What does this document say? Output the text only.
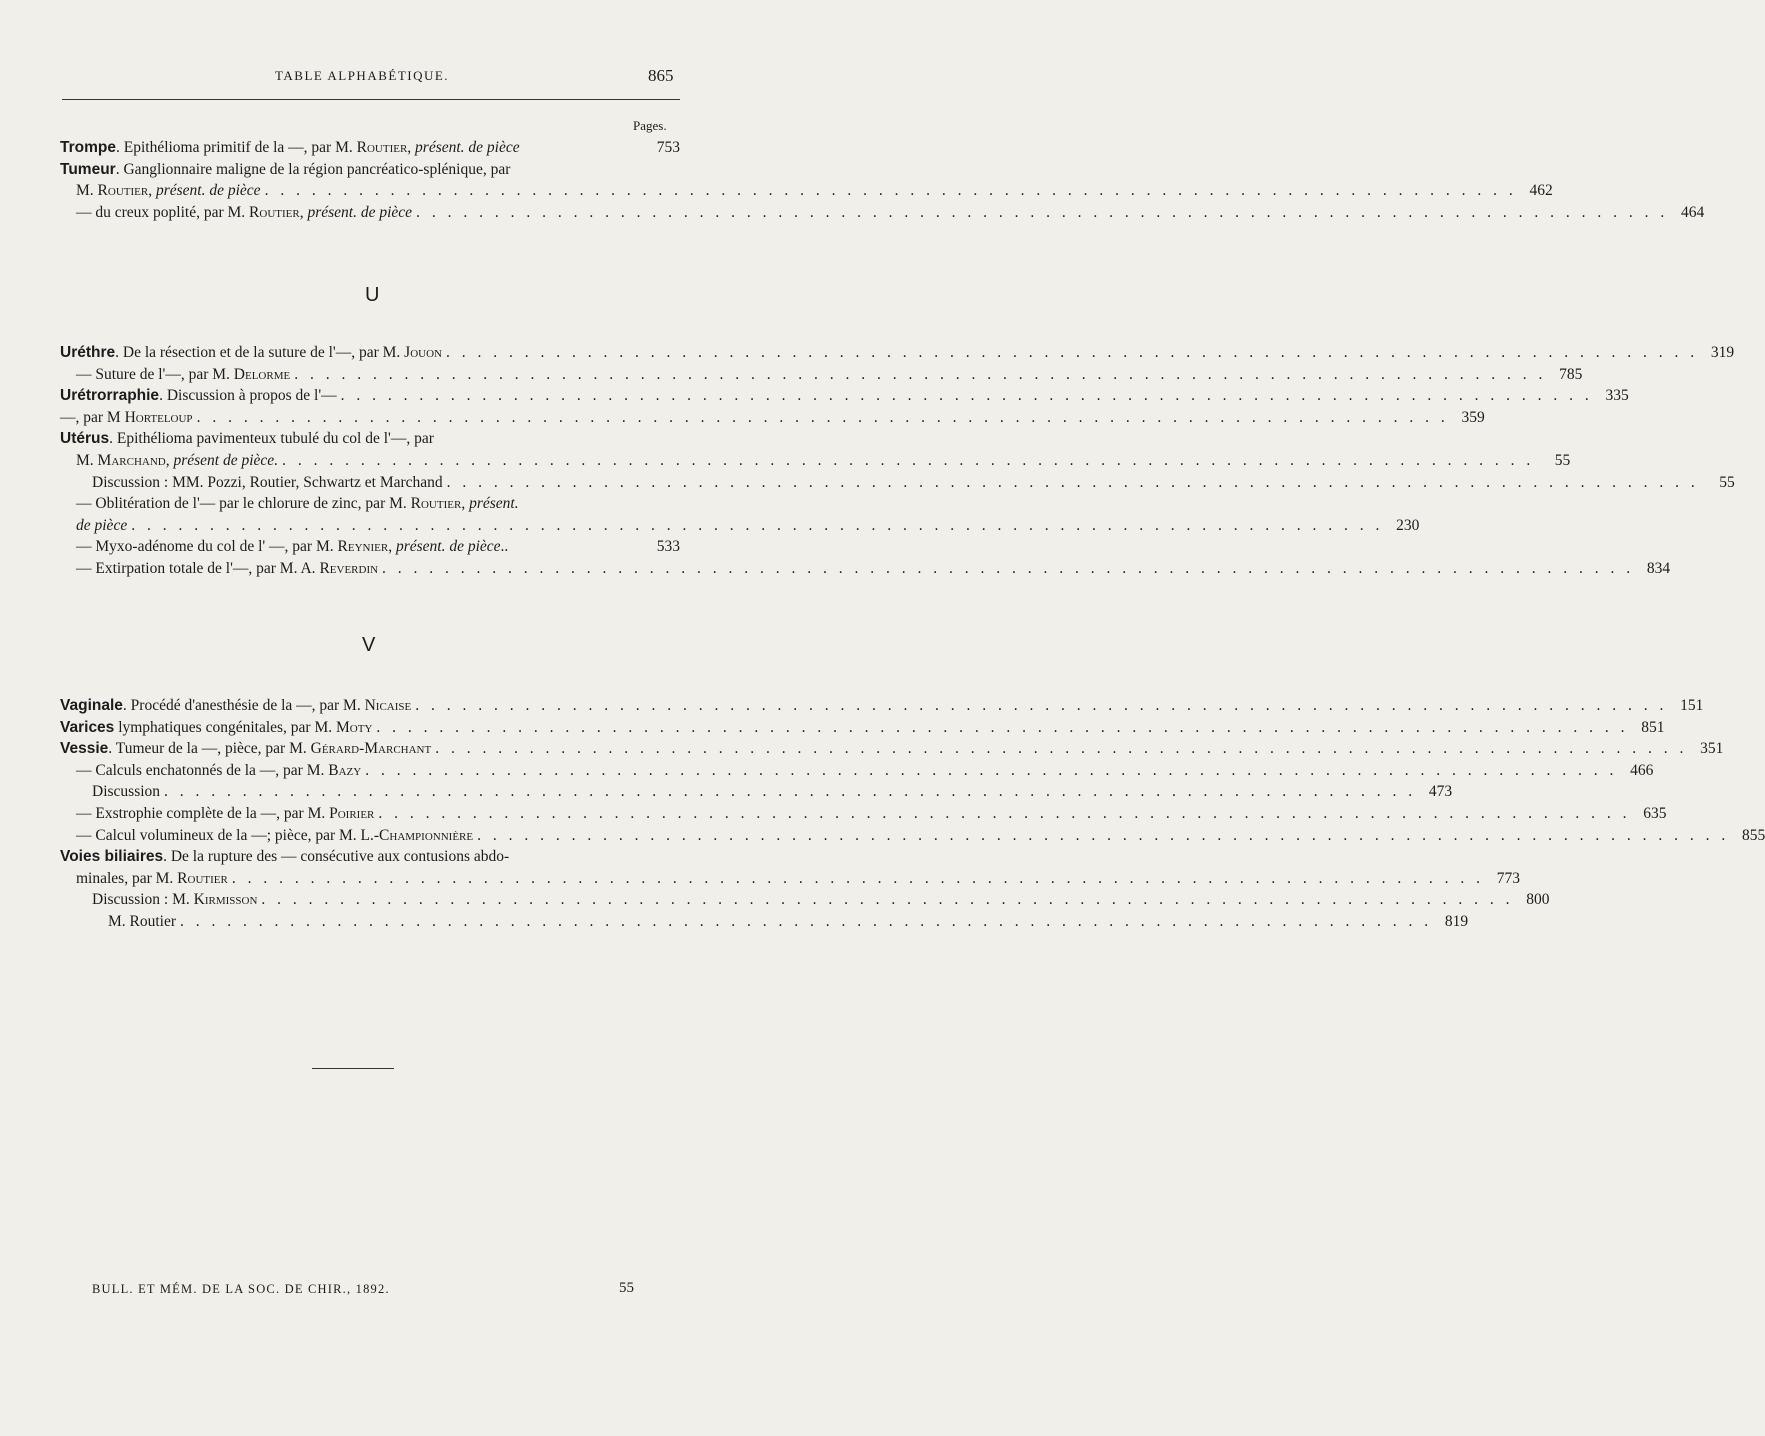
TABLE ALPHABÉTIQUE.	865
Pages.
Trompe. Epithélioma primitif de la —, par M. Routier, présent. de pièce	753
Tumeur. Ganglionnaire maligne de la région pancréatico-splénique, par
M. Routier, présent. de pièce . . . . . . . . . . . . . . . . . . . . . . . . . . . . . . . . . . . . . . . . . . . . . . . . . . . . . . . . . . . . . . . . . . . . . . . . . . . . . . . . 462
— du creux poplité, par M. Routier, présent. de pièce . . . . . . . . . . . . . . . . . . . . . . . . . . . . . . . . . . . . . . . . . . . . . . . . . . . . . . . . . . . . . . . . . . . . . . . . . . . . . . . . 464
U
Uréthre. De la résection et de la suture de l'—, par M. Jouon . . . . . . . . . . . . . . . . . . . . . . . . . . . . . . . . . . . . . . . . . . . . . . . . . . . . . . . . . . . . . . . . . . . . . . . . . . . . . . . . 319
— Suture de l'—, par M. Delorme . . . . . . . . . . . . . . . . . . . . . . . . . . . . . . . . . . . . . . . . . . . . . . . . . . . . . . . . . . . . . . . . . . . . . . . . . . . . . . . . 785
Urétrorraphie. Discussion à propos de l'— . . . . . . . . . . . . . . . . . . . . . . . . . . . . . . . . . . . . . . . . . . . . . . . . . . . . . . . . . . . . . . . . . . . . . . . . . . . . . . . . 335
—, par M Horteloup . . . . . . . . . . . . . . . . . . . . . . . . . . . . . . . . . . . . . . . . . . . . . . . . . . . . . . . . . . . . . . . . . . . . . . . . . . . . . . . . 359
Utérus. Epithélioma pavimenteux tubulé du col de l'—, par
M. Marchand, présent de pièce. . . . . . . . . . . . . . . . . . . . . . . . . . . . . . . . . . . . . . . . . . . . . . . . . . . . . . . . . . . . . . . . . . . . . . . . . . . . . . . . .	55
Discussion : MM. Pozzi, Routier, Schwartz et Marchand . . . . . . . . . . . . . . . . . . . . . . . . . . . . . . . . . . . . . . . . . . . . . . . . . . . . . . . . . . . . . . . . . . . . . . . . . . . . . . . .	55
— Oblitération de l'— par le chlorure de zinc, par M. Routier, présent.
de pièce . . . . . . . . . . . . . . . . . . . . . . . . . . . . . . . . . . . . . . . . . . . . . . . . . . . . . . . . . . . . . . . . . . . . . . . . . . . . . . . . 230
— Myxo-adénome du col de l' —, par M. Reynier, présent. de pièce..	533
— Extirpation totale de l'—, par M. A. Reverdin . . . . . . . . . . . . . . . . . . . . . . . . . . . . . . . . . . . . . . . . . . . . . . . . . . . . . . . . . . . . . . . . . . . . . . . . . . . . . . . . 834
V
Vaginale. Procédé d'anesthésie de la —, par M. Nicaise . . . . . . . . . . . . . . . . . . . . . . . . . . . . . . . . . . . . . . . . . . . . . . . . . . . . . . . . . . . . . . . . . . . . . . . . . . . . . . . . 151
Varices lymphatiques congénitales, par M. Moty . . . . . . . . . . . . . . . . . . . . . . . . . . . . . . . . . . . . . . . . . . . . . . . . . . . . . . . . . . . . . . . . . . . . . . . . . . . . . . . . 851
Vessie. Tumeur de la —, pièce, par M. Gérard-Marchant . . . . . . . . . . . . . . . . . . . . . . . . . . . . . . . . . . . . . . . . . . . . . . . . . . . . . . . . . . . . . . . . . . . . . . . . . . . . . . . . 351
— Calculs enchatonnés de la —, par M. Bazy . . . . . . . . . . . . . . . . . . . . . . . . . . . . . . . . . . . . . . . . . . . . . . . . . . . . . . . . . . . . . . . . . . . . . . . . . . . . . . . . 466
Discussion . . . . . . . . . . . . . . . . . . . . . . . . . . . . . . . . . . . . . . . . . . . . . . . . . . . . . . . . . . . . . . . . . . . . . . . . . . . . . . . . 473
— Exstrophie complète de la —, par M. Poirier . . . . . . . . . . . . . . . . . . . . . . . . . . . . . . . . . . . . . . . . . . . . . . . . . . . . . . . . . . . . . . . . . . . . . . . . . . . . . . . . 635
— Calcul volumineux de la —; pièce, par M. L.-Championnière . . . . . . . . . . . . . . . . . . . . . . . . . . . . . . . . . . . . . . . . . . . . . . . . . . . . . . . . . . . . . . . . . . . . . . . . . . . . . . . . 855
Voies biliaires. De la rupture des — consécutive aux contusions abdo-
minales, par M. Routier . . . . . . . . . . . . . . . . . . . . . . . . . . . . . . . . . . . . . . . . . . . . . . . . . . . . . . . . . . . . . . . . . . . . . . . . . . . . . . . . 773
Discussion : M. Kirmisson . . . . . . . . . . . . . . . . . . . . . . . . . . . . . . . . . . . . . . . . . . . . . . . . . . . . . . . . . . . . . . . . . . . . . . . . . . . . . . . . 800
M. Routier . . . . . . . . . . . . . . . . . . . . . . . . . . . . . . . . . . . . . . . . . . . . . . . . . . . . . . . . . . . . . . . . . . . . . . . . . . . . . . . . 819
BULL. ET MÉM. DE LA SOC. DE CHIR., 1892.	55
